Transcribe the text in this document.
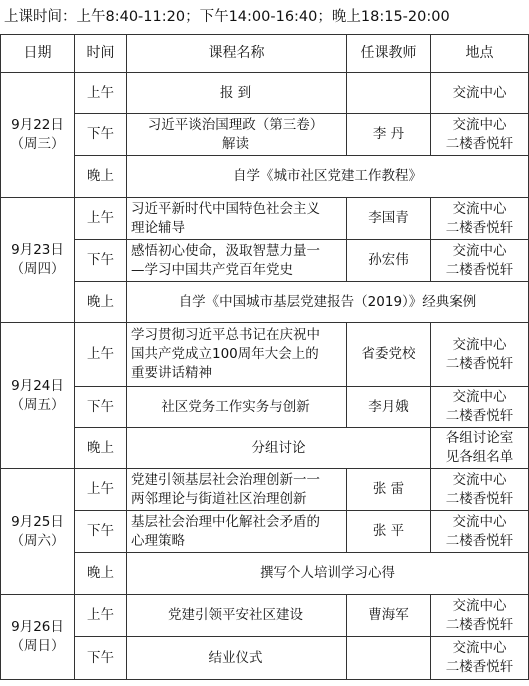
上课时间：上午8:40-11:20；下午14:00-16:40；晚上18:15-20:00
日期	时间	课程名称	任课教师	地点

9月22日
（周三）	上午	报 到		交流中心

	下午	习近平谈治国理政（第三卷）
解读	李 丹	交流中心
二楼香悦轩

	晚上	自学《城市社区党建工作教程》		

9月23日
（周四）	上午	习近平新时代中国特色社会主义
理论辅导	李国青	交流中心
二楼香悦轩

	下午	感悟初心使命，汲取智慧力量一
—学习中国共产党百年党史	孙宏伟	交流中心
二楼香悦轩

	晚上	自学《中国城市基层党建报告（2019）》经典案例		

9月24日
（周五）	上午	学习贯彻习近平总书记在庆祝中
国共产党成立100周年大会上的
重要讲话精神	省委党校	交流中心
二楼香悦轩

	下午	社区党务工作实务与创新	李月娥	交流中心
二楼香悦轩

	晚上	分组讨论		各组讨论室
见各组名单

9月25日
（周六）	上午	党建引领基层社会治理创新一一
两邻理论与街道社区治理创新	张 雷	交流中心
二楼香悦轩

	下午	基层社会治理中化解社会矛盾的
心理策略	张 平	交流中心
二楼香悦轩

	晚上	撰写个人培训学习心得		

9月26日
（周日）	上午	党建引领平安社区建设	曹海军	交流中心
二楼香悦轩

	下午	结业仪式		交流中心
二楼香悦轩
